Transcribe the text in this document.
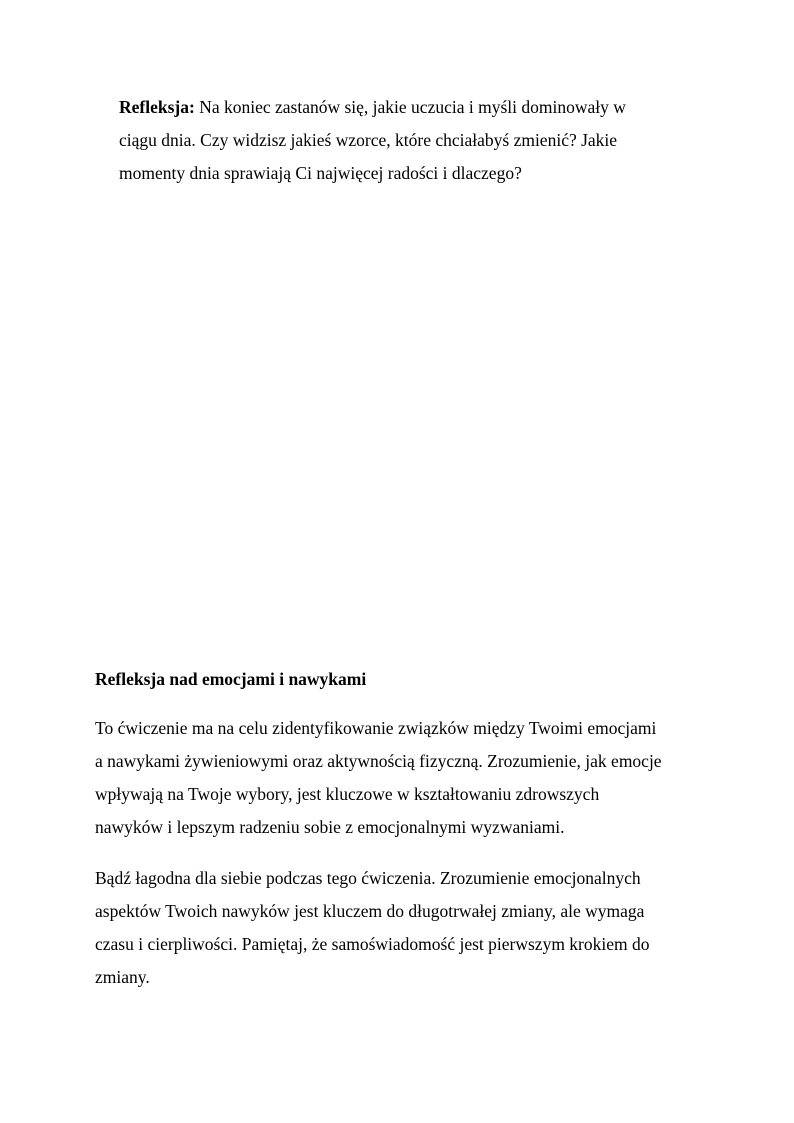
Refleksja: Na koniec zastanów się, jakie uczucia i myśli dominowały w
ciągu dnia. Czy widzisz jakieś wzorce, które chciałabyś zmienić? Jakie
momenty dnia sprawiają Ci najwięcej radości i dlaczego?
Refleksja nad emocjami i nawykami

To ćwiczenie ma na celu zidentyfikowanie związków między Twoimi emocjami
a nawykami żywieniowymi oraz aktywnością fizyczną. Zrozumienie, jak emocje
wpływają na Twoje wybory, jest kluczowe w kształtowaniu zdrowszych
nawyków i lepszym radzeniu sobie z emocjonalnymi wyzwaniami.

Bądź łagodna dla siebie podczas tego ćwiczenia. Zrozumienie emocjonalnych
aspektów Twoich nawyków jest kluczem do długotrwałej zmiany, ale wymaga
czasu i cierpliwości. Pamiętaj, że samoświadomość jest pierwszym krokiem do
zmiany.
